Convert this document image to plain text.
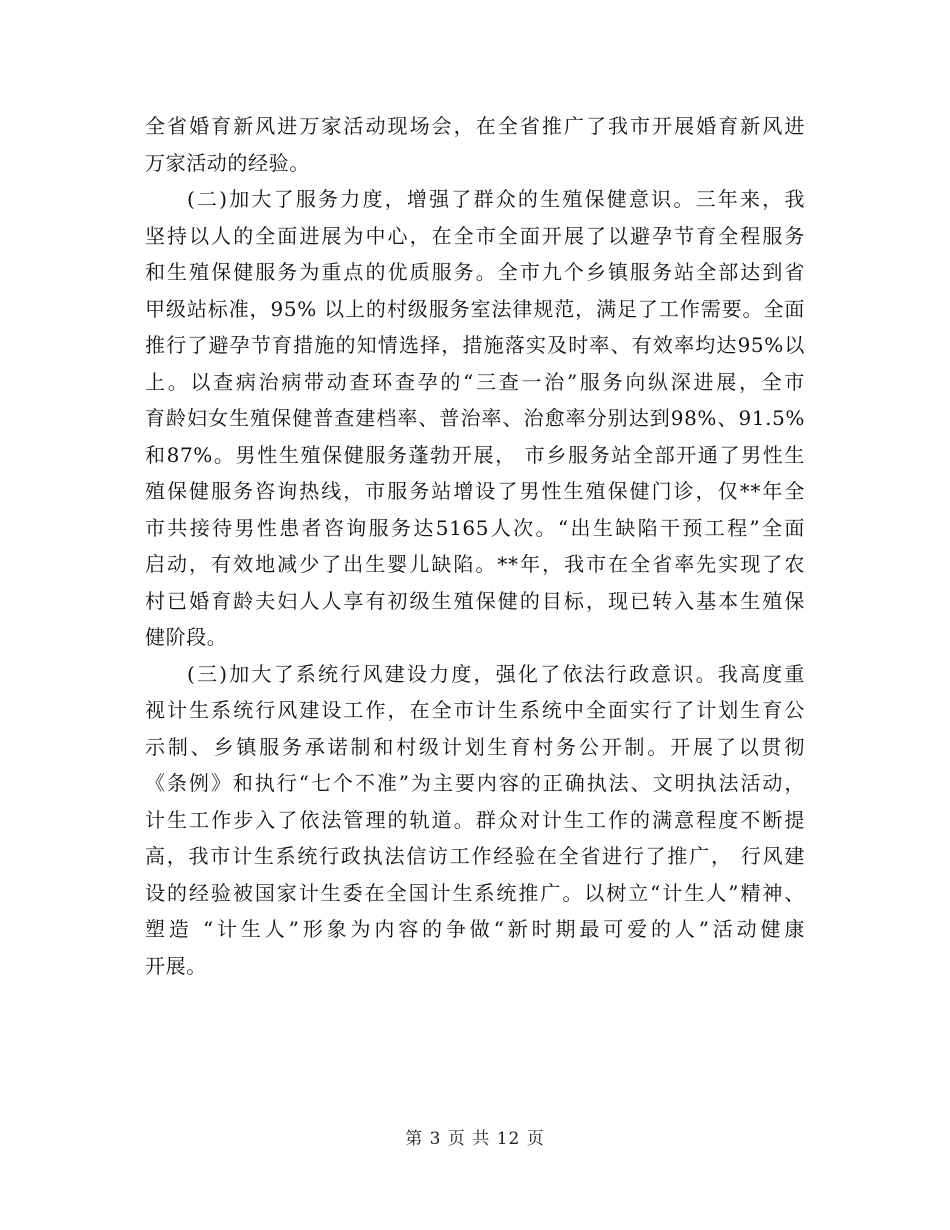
全省婚育新风进万家活动现场会，在全省推广了我市开展婚育新风进
万家活动的经验。
(二)加大了服务力度，增强了群众的生殖保健意识。三年来，我
坚持以人的全面进展为中心，在全市全面开展了以避孕节育全程服务
和生殖保健服务为重点的优质服务。全市九个乡镇服务站全部达到省
甲级站标准，95% 以上的村级服务室法律规范，满足了工作需要。全面
推行了避孕节育措施的知情选择，措施落实及时率、有效率均达95%以
上。以查病治病带动查环查孕的“三查一治”服务向纵深进展，全市
育龄妇女生殖保健普查建档率、普治率、治愈率分别达到98%、91.5%
和87%。男性生殖保健服务蓬勃开展， 市乡服务站全部开通了男性生
殖保健服务咨询热线，市服务站增设了男性生殖保健门诊，仅**年全
市共接待男性患者咨询服务达5165人次。“出生缺陷干预工程”全面
启动，有效地减少了出生婴儿缺陷。**年，我市在全省率先实现了农
村已婚育龄夫妇人人享有初级生殖保健的目标，现已转入基本生殖保
健阶段。
(三)加大了系统行风建设力度，强化了依法行政意识。我高度重
视计生系统行风建设工作，在全市计生系统中全面实行了计划生育公
示制、乡镇服务承诺制和村级计划生育村务公开制。开展了以贯彻
《条例》和执行“七个不准”为主要内容的正确执法、文明执法活动，
计生工作步入了依法管理的轨道。群众对计生工作的满意程度不断提
高，我市计生系统行政执法信访工作经验在全省进行了推广， 行风建
设的经验被国家计生委在全国计生系统推广。以树立“计生人”精神、
塑造 “计生人”形象为内容的争做“新时期最可爱的人”活动健康
开展。
第 3 页 共 12 页
